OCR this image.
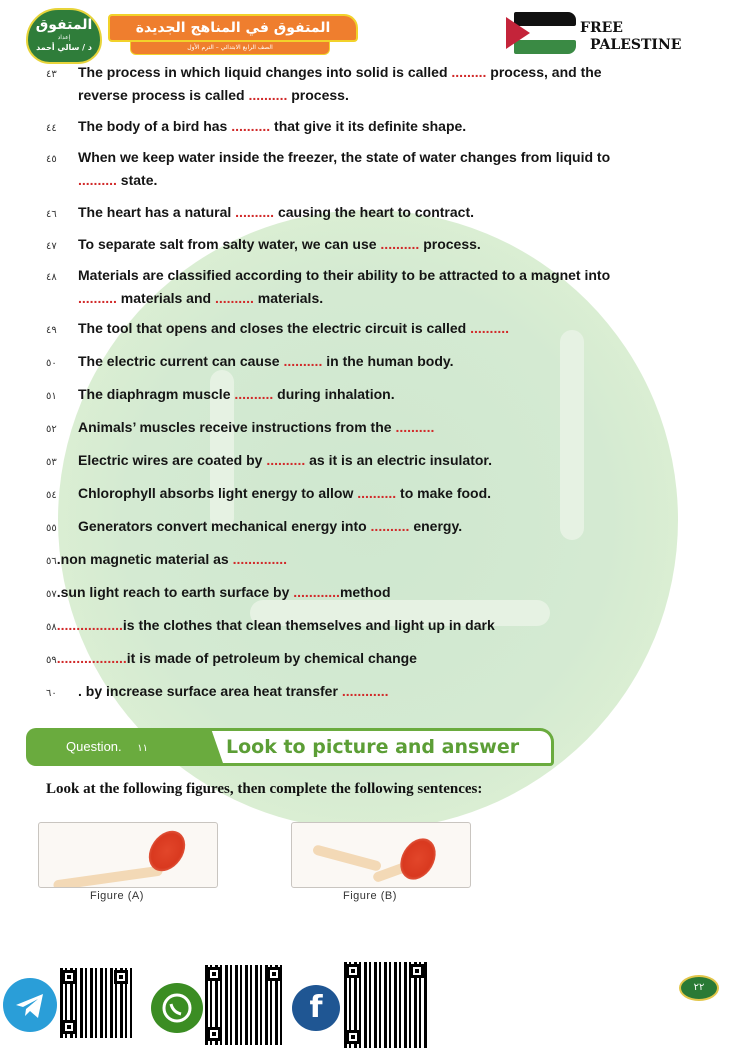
المتفوق
إعداد
د / سالي أحمد
المتفوق في المناهج الجديدة
الصف الرابع الابتدائي – الترم الأول
FREE
PALESTINE
٤٣ The process in which liquid changes into solid is called ......... process, and the
reverse process is called .......... process.
٤٤ The body of a bird has .......... that give it its definite shape.
٤٥ When we keep water inside the freezer, the state of water changes from liquid to
.......... state.
٤٦ The heart has a natural .......... causing the heart to contract.
٤٧ To separate salt from salty water, we can use .......... process.
٤٨ Materials are classified according to their ability to be attracted to a magnet into
.......... materials and .......... materials.
٤٩ The tool that opens and closes the electric circuit is called ..........
٥٠ The electric current can cause .......... in the human body.
٥١ The diaphragm muscle .......... during inhalation.
٥٢ Animals’ muscles receive instructions from the ..........
٥٣ Electric wires are coated by .......... as it is an electric insulator.
٥٤ Chlorophyll absorbs light energy to allow .......... to make food.
٥٥ Generators convert mechanical energy into .......... energy.
٥٦.non magnetic material as ..............
٥٧.sun light reach to earth surface by ............method
٥٨.................is the clothes that clean themselves and light up in dark
٥٩..................it is made of petroleum by chemical change
٦٠ . by increase surface area heat transfer ............
Question. ١١	Look to picture and answer
Look at the following figures, then complete the following sentences:
Figure (A)	Figure (B)
f
٢٢
